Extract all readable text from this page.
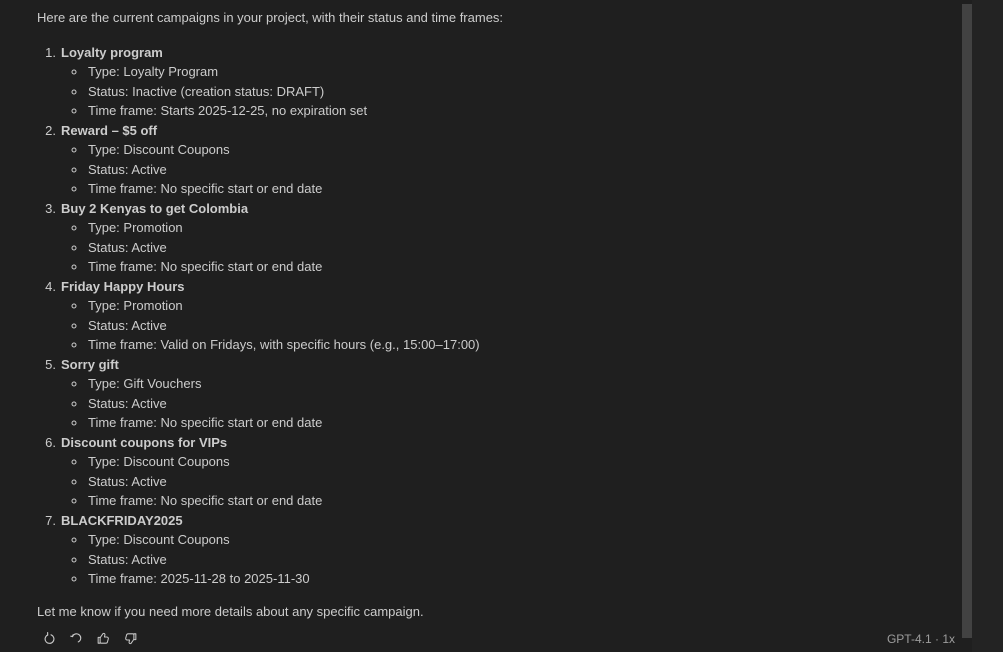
Here are the current campaigns in your project, with their status and time frames:

1. Loyalty program
◦ Type: Loyalty Program
◦ Status: Inactive (creation status: DRAFT)
◦ Time frame: Starts 2025-12-25, no expiration set
2. Reward – $5 off
◦ Type: Discount Coupons
◦ Status: Active
◦ Time frame: No specific start or end date
3. Buy 2 Kenyas to get Colombia
◦ Type: Promotion
◦ Status: Active
◦ Time frame: No specific start or end date
4. Friday Happy Hours
◦ Type: Promotion
◦ Status: Active
◦ Time frame: Valid on Fridays, with specific hours (e.g., 15:00–17:00)
5. Sorry gift
◦ Type: Gift Vouchers
◦ Status: Active
◦ Time frame: No specific start or end date
6. Discount coupons for VIPs
◦ Type: Discount Coupons
◦ Status: Active
◦ Time frame: No specific start or end date
7. BLACKFRIDAY2025
◦ Type: Discount Coupons
◦ Status: Active
◦ Time frame: 2025-11-28 to 2025-11-30

Let me know if you need more details about any specific campaign.

GPT-4.1 · 1x
